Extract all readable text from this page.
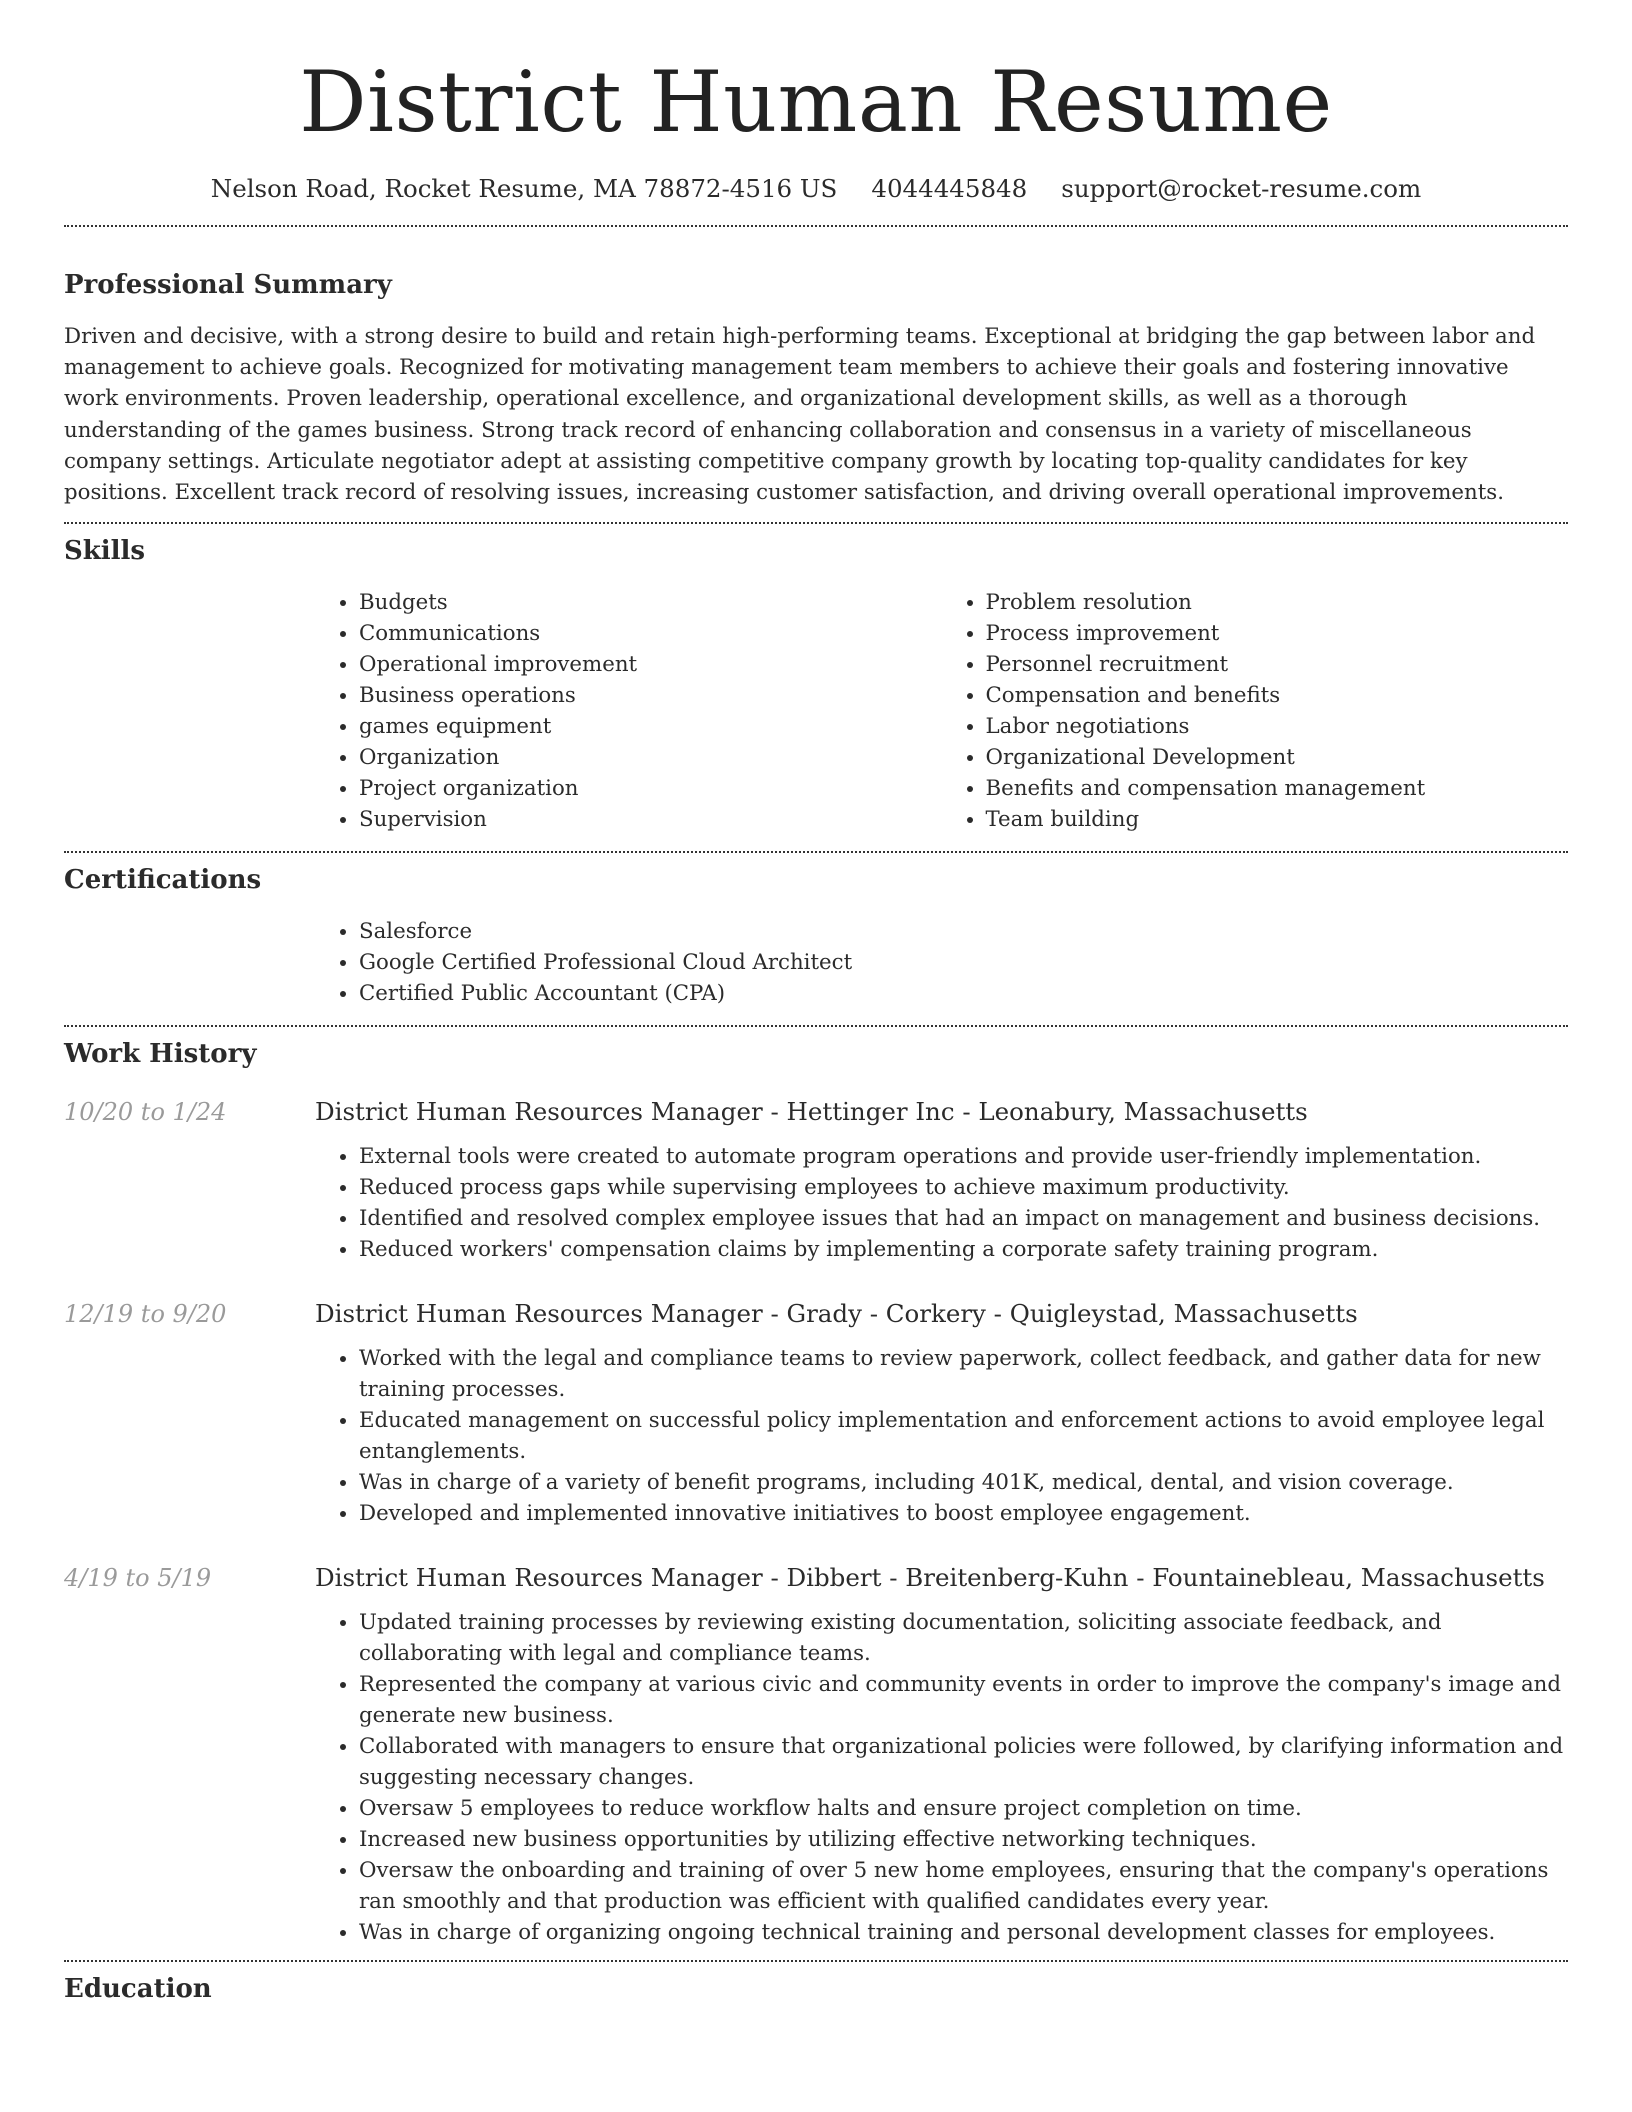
District Human Resume
Nelson Road, Rocket Resume, MA 78872-4516 US 4044445848 support@rocket-resume.com
Professional Summary

Driven and decisive, with a strong desire to build and retain high-performing teams. Exceptional at bridging the gap between labor and management to achieve goals. Recognized for motivating management team members to achieve their goals and fostering innovative work environments. Proven leadership, operational excellence, and organizational development skills, as well as a thorough understanding of the games business. Strong track record of enhancing collaboration and consensus in a variety of miscellaneous company settings. Articulate negotiator adept at assisting competitive company growth by locating top-quality candidates for key positions. Excellent track record of resolving issues, increasing customer satisfaction, and driving overall operational improvements.

Skills
• Budgets
• Communications
• Operational improvement
• Business operations
• games equipment
• Organization
• Project organization
• Supervision
• Problem resolution
• Process improvement
• Personnel recruitment
• Compensation and benefits
• Labor negotiations
• Organizational Development
• Benefits and compensation management
• Team building
Certifications
• Salesforce
• Google Certified Professional Cloud Architect
• Certified Public Accountant (CPA)
Work History
10/20 to 1/24	District Human Resources Manager - Hettinger Inc - Leonabury, Massachusetts
• External tools were created to automate program operations and provide user-friendly implementation.
• Reduced process gaps while supervising employees to achieve maximum productivity.
• Identified and resolved complex employee issues that had an impact on management and business decisions.
• Reduced workers' compensation claims by implementing a corporate safety training program.
12/19 to 9/20	District Human Resources Manager - Grady - Corkery - Quigleystad, Massachusetts
• Worked with the legal and compliance teams to review paperwork, collect feedback, and gather data for new training processes.
• Educated management on successful policy implementation and enforcement actions to avoid employee legal entanglements.
• Was in charge of a variety of benefit programs, including 401K, medical, dental, and vision coverage.
• Developed and implemented innovative initiatives to boost employee engagement.
4/19 to 5/19	District Human Resources Manager - Dibbert - Breitenberg-Kuhn - Fountainebleau, Massachusetts
• Updated training processes by reviewing existing documentation, soliciting associate feedback, and collaborating with legal and compliance teams.
• Represented the company at various civic and community events in order to improve the company's image and generate new business.
• Collaborated with managers to ensure that organizational policies were followed, by clarifying information and suggesting necessary changes.
• Oversaw 5 employees to reduce workflow halts and ensure project completion on time.
• Increased new business opportunities by utilizing effective networking techniques.
• Oversaw the onboarding and training of over 5 new home employees, ensuring that the company's operations ran smoothly and that production was efficient with qualified candidates every year.
• Was in charge of organizing ongoing technical training and personal development classes for employees.
Education
